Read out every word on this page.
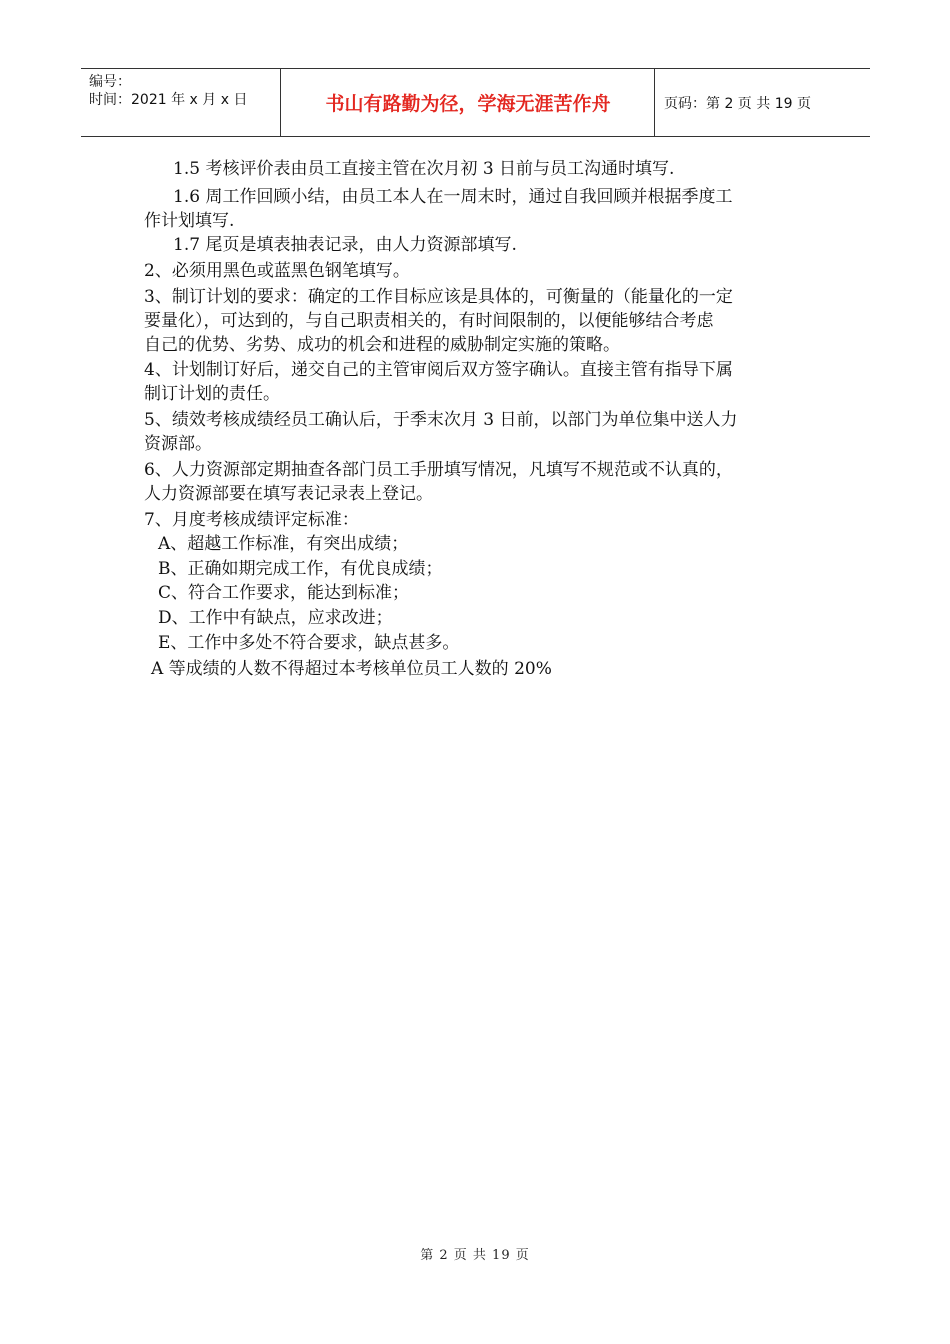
编号：
时间：2021 年 x 月 x 日	书山有路勤为径，学海无涯苦作舟	页码：第 2 页 共 19 页
1.5 考核评价表由员工直接主管在次月初 3 日前与员工沟通时填写.
1.6 周工作回顾小结，由员工本人在一周末时，通过自我回顾并根据季度工
作计划填写.
1.7 尾页是填表抽表记录，由人力资源部填写.
2、必须用黑色或蓝黑色钢笔填写。
3、制订计划的要求：确定的工作目标应该是具体的，可衡量的（能量化的一定
要量化），可达到的，与自己职责相关的，有时间限制的，以便能够结合考虑
自己的优势、劣势、成功的机会和进程的威胁制定实施的策略。
4、计划制订好后，递交自己的主管审阅后双方签字确认。直接主管有指导下属
制订计划的责任。
5、绩效考核成绩经员工确认后，于季末次月 3 日前，以部门为单位集中送人力
资源部。
6、人力资源部定期抽查各部门员工手册填写情况，凡填写不规范或不认真的，
人力资源部要在填写表记录表上登记。
7、月度考核成绩评定标准：
A、超越工作标准，有突出成绩；
B、正确如期完成工作，有优良成绩；
C、符合工作要求，能达到标准；
D、工作中有缺点，应求改进；
E、工作中多处不符合要求，缺点甚多。
A 等成绩的人数不得超过本考核单位员工人数的 20%
第 2 页 共 19 页
